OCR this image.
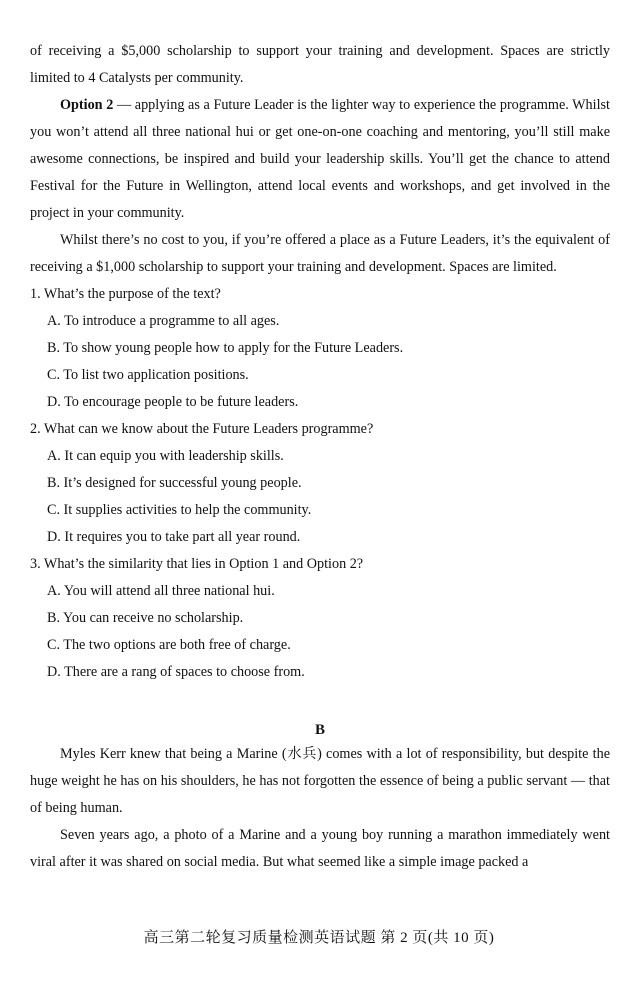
of receiving a $5,000 scholarship to support your training and development. Spaces are strictly limited to 4 Catalysts per community.

Option 2 — applying as a Future Leader is the lighter way to experience the programme. Whilst you won’t attend all three national hui or get one-on-one coaching and mentoring, you’ll still make awesome connections, be inspired and build your leadership skills. You’ll get the chance to attend Festival for the Future in Wellington, attend local events and workshops, and get involved in the project in your community.

Whilst there’s no cost to you, if you’re offered a place as a Future Leaders, it’s the equivalent of receiving a $1,000 scholarship to support your training and development. Spaces are limited.

1. What’s the purpose of the text?

A. To introduce a programme to all ages.

B. To show young people how to apply for the Future Leaders.

C. To list two application positions.

D. To encourage people to be future leaders.

2. What can we know about the Future Leaders programme?

A. It can equip you with leadership skills.

B. It’s designed for successful young people.

C. It supplies activities to help the community.

D. It requires you to take part all year round.

3. What’s the similarity that lies in Option 1 and Option 2?

A. You will attend all three national hui.

B. You can receive no scholarship.

C. The two options are both free of charge.

D. There are a rang of spaces to choose from.

B

Myles Kerr knew that being a Marine (水兵) comes with a lot of responsibility, but despite the huge weight he has on his shoulders, he has not forgotten the essence of being a public servant — that of being human.

Seven years ago, a photo of a Marine and a young boy running a marathon immediately went viral after it was shared on social media. But what seemed like a simple image packed a

高三第二轮复习质量检测英语试题 第 2 页(共 10 页)
